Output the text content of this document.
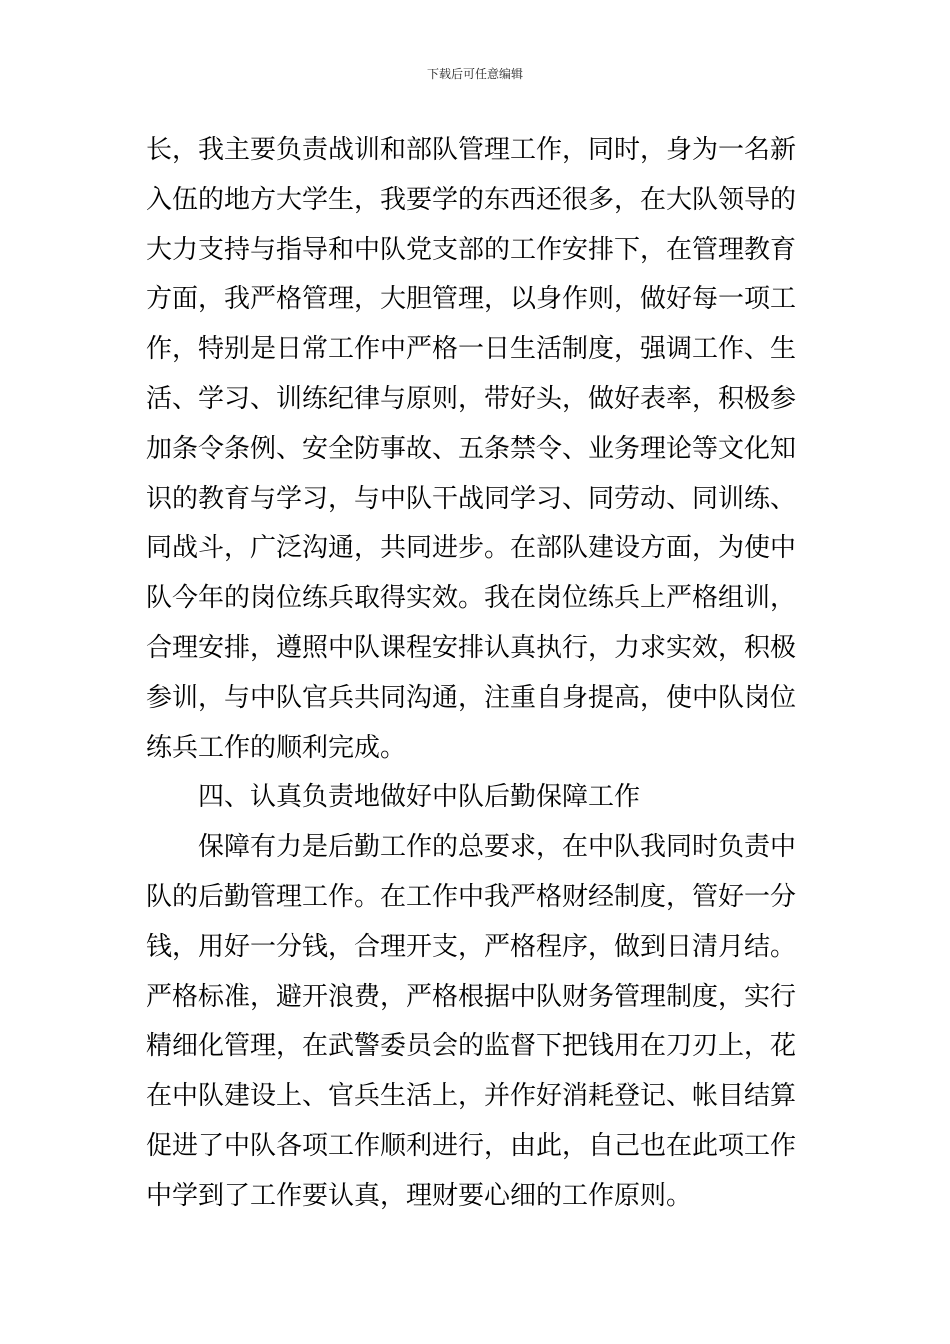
下载后可任意编辑
长，我主要负责战训和部队管理工作，同时，身为一名新
入伍的地方大学生，我要学的东西还很多，在大队领导的
大力支持与指导和中队党支部的工作安排下，在管理教育
方面，我严格管理，大胆管理，以身作则，做好每一项工
作，特别是日常工作中严格一日生活制度，强调工作、生
活、学习、训练纪律与原则，带好头，做好表率，积极参
加条令条例、安全防事故、五条禁令、业务理论等文化知
识的教育与学习，与中队干战同学习、同劳动、同训练、
同战斗，广泛沟通，共同进步。在部队建设方面，为使中
队今年的岗位练兵取得实效。我在岗位练兵上严格组训，
合理安排，遵照中队课程安排认真执行，力求实效，积极
参训，与中队官兵共同沟通，注重自身提高，使中队岗位
练兵工作的顺利完成。
四、认真负责地做好中队后勤保障工作
保障有力是后勤工作的总要求，在中队我同时负责中
队的后勤管理工作。在工作中我严格财经制度，管好一分
钱，用好一分钱，合理开支，严格程序，做到日清月结。
严格标准，避开浪费，严格根据中队财务管理制度，实行
精细化管理，在武警委员会的监督下把钱用在刀刃上，花
在中队建设上、官兵生活上，并作好消耗登记、帐目结算
促进了中队各项工作顺利进行，由此，自己也在此项工作
中学到了工作要认真，理财要心细的工作原则。
